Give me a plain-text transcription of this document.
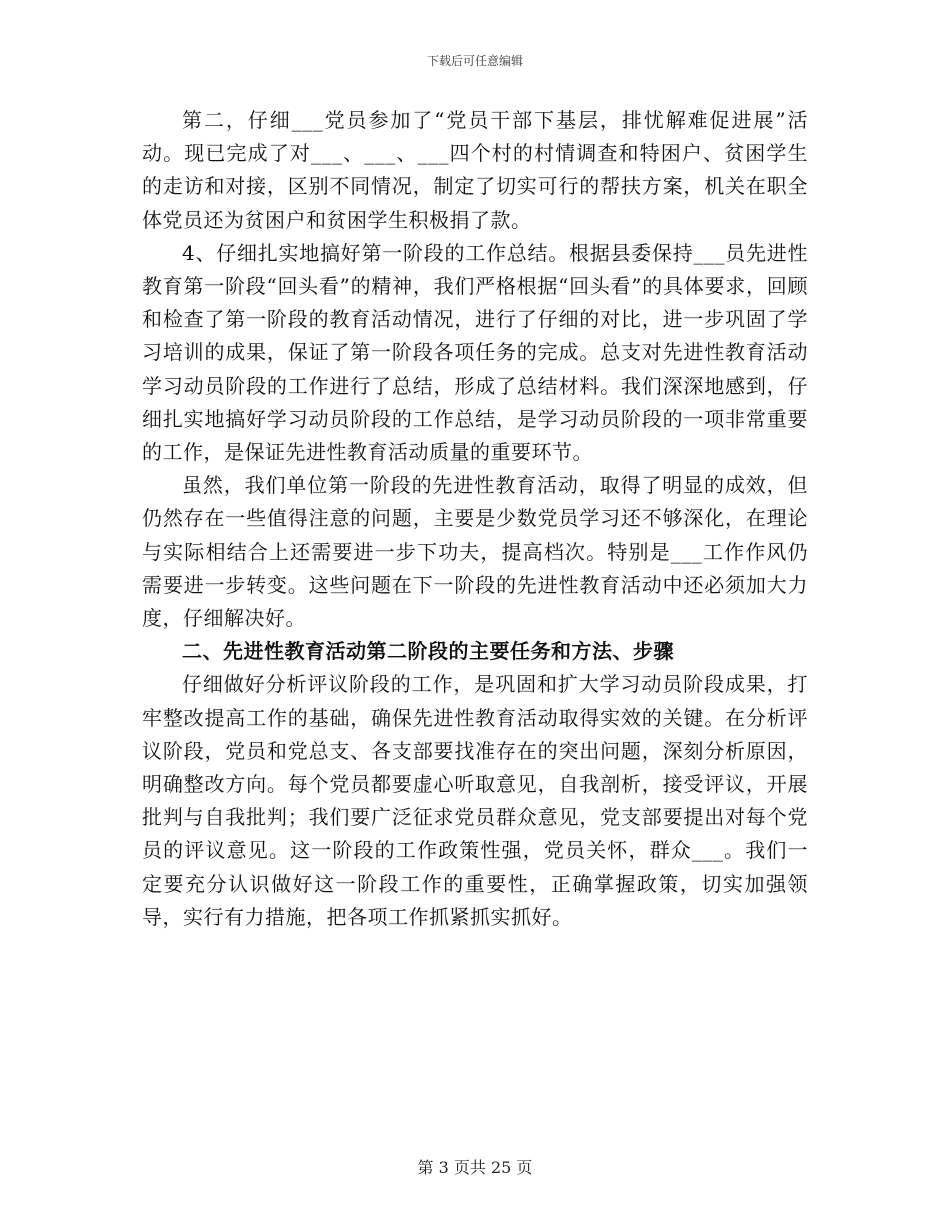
下载后可任意编辑

第二，仔细___党员参加了“党员干部下基层，排忧解难促进展”活动。现已完成了对___、___、___四个村的村情调查和特困户、贫困学生的走访和对接，区别不同情况，制定了切实可行的帮扶方案，机关在职全体党员还为贫困户和贫困学生积极捐了款。

4、仔细扎实地搞好第一阶段的工作总结。根据县委保持___员先进性教育第一阶段“回头看”的精神，我们严格根据“回头看”的具体要求，回顾和检查了第一阶段的教育活动情况，进行了仔细的对比，进一步巩固了学习培训的成果，保证了第一阶段各项任务的完成。总支对先进性教育活动学习动员阶段的工作进行了总结，形成了总结材料。我们深深地感到，仔细扎实地搞好学习动员阶段的工作总结，是学习动员阶段的一项非常重要的工作，是保证先进性教育活动质量的重要环节。

虽然，我们单位第一阶段的先进性教育活动，取得了明显的成效，但仍然存在一些值得注意的问题，主要是少数党员学习还不够深化，在理论与实际相结合上还需要进一步下功夫，提高档次。特别是___工作作风仍需要进一步转变。这些问题在下一阶段的先进性教育活动中还必须加大力度，仔细解决好。

二、先进性教育活动第二阶段的主要任务和方法、步骤

仔细做好分析评议阶段的工作，是巩固和扩大学习动员阶段成果，打牢整改提高工作的基础，确保先进性教育活动取得实效的关键。在分析评议阶段，党员和党总支、各支部要找准存在的突出问题，深刻分析原因，明确整改方向。每个党员都要虚心听取意见，自我剖析，接受评议，开展批判与自我批判；我们要广泛征求党员群众意见，党支部要提出对每个党员的评议意见。这一阶段的工作政策性强，党员关怀，群众___。我们一定要充分认识做好这一阶段工作的重要性，正确掌握政策，切实加强领导，实行有力措施，把各项工作抓紧抓实抓好。

第 3 页共 25 页
